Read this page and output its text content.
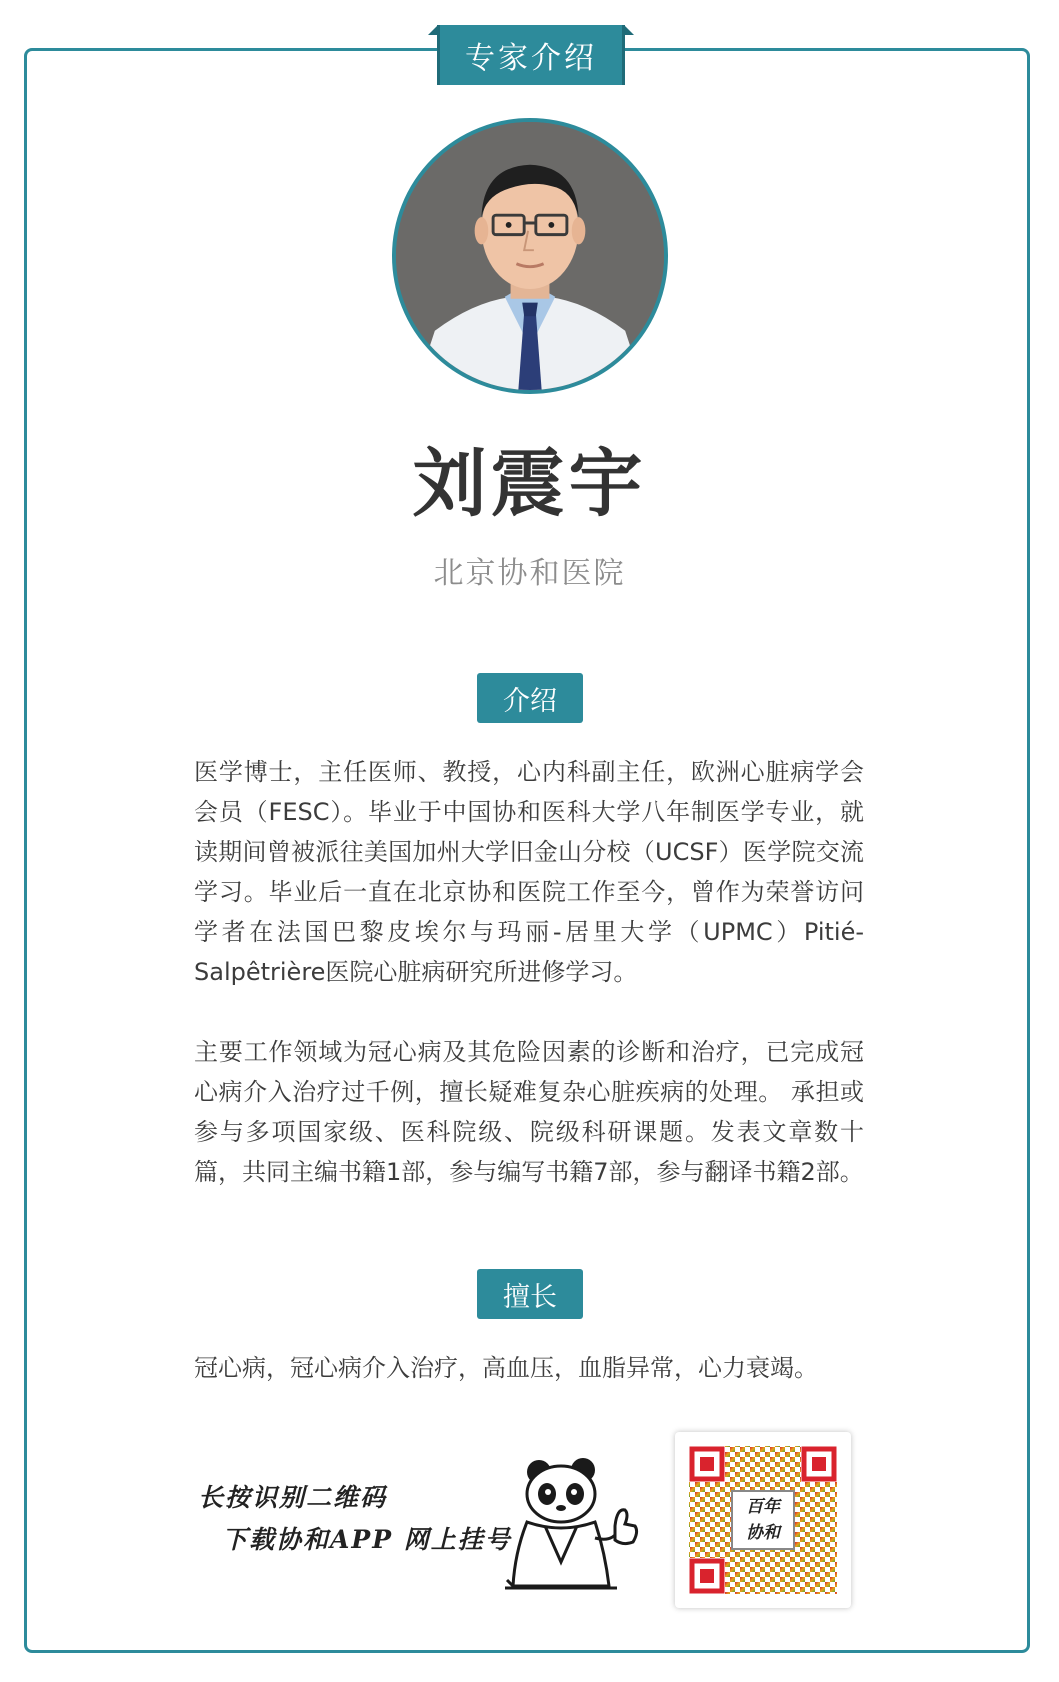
专家介绍
刘震宇
北京协和医院
介绍

医学博士，主任医师、教授，心内科副主任，欧洲心脏病学会会员（FESC）。毕业于中国协和医科大学八年制医学专业，就读期间曾被派往美国加州大学旧金山分校（UCSF）医学院交流学习。毕业后一直在北京协和医院工作至今，曾作为荣誉访问学者在法国巴黎皮埃尔与玛丽-居里大学（UPMC）Pitié-Salpêtrière医院心脏病研究所进修学习。

主要工作领域为冠心病及其危险因素的诊断和治疗，已完成冠心病介入治疗过千例，擅长疑难复杂心脏疾病的处理。 承担或参与多项国家级、医科院级、院级科研课题。发表文章数十篇，共同主编书籍1部，参与编写书籍7部，参与翻译书籍2部。

擅长

冠心病，冠心病介入治疗，高血压，血脂异常，心力衰竭。

长按识别二维码
下载协和APP 网上挂号
百年
协和
